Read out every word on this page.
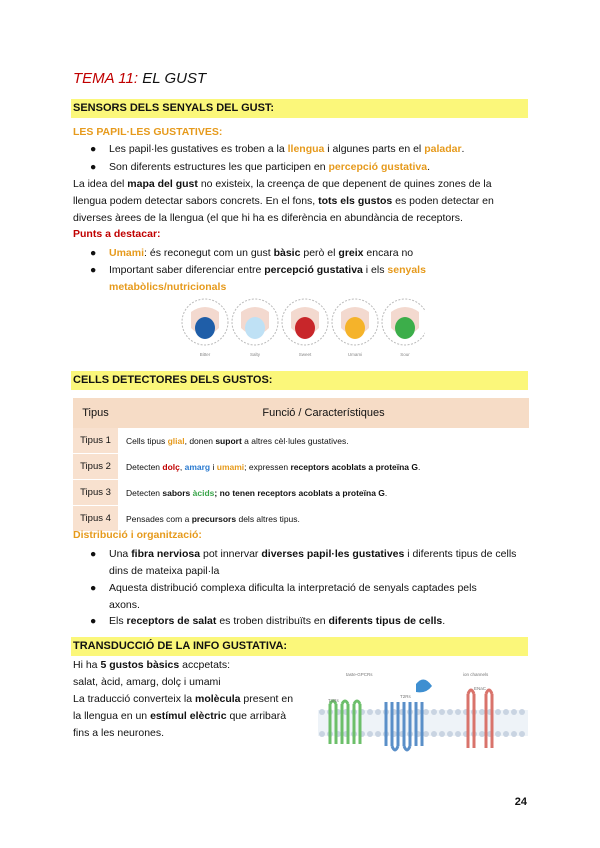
TEMA 11: EL GUST
SENSORS DELS SENYALS DEL GUST:
LES PAPIL·LES GUSTATIVES:
● Les papil·les gustatives es troben a la llengua i algunes parts en el paladar.
● Son diferents estructures les que participen en percepció gustativa.
La idea del mapa del gust no existeix, la creença de que depenent de quines zones de la
llengua podem detectar sabors concrets. En el fons, tots els gustos es poden detectar en
diverses àrees de la llengua (el que hi ha es diferència en abundància de receptors.
Punts a destacar:
● Umami: és reconegut com un gust bàsic però el greix encara no
● Important saber diferenciar entre percepció gustativa i els senyals
metabòlics/nutricionals
Bitter	Salty	Sweet	Umami	Sour
CELLS DETECTORES DELS GUSTOS:
Tipus	Funció / Característiques
Tipus 1	Cells tipus glial, donen suport a altres cèl·lules gustatives.
Tipus 2	Detecten dolç, amarg i umami; expressen receptors acoblats a proteïna G.
Tipus 3	Detecten sabors àcids; no tenen receptors acoblats a proteïna G.
Tipus 4	Pensades com a precursors dels altres tipus.
Distribució i organització:
● Una fibra nerviosa pot innervar diverses papil·les gustatives i diferents tipus de cells
dins de mateixa papil·la
● Aquesta distribució complexa dificulta la interpretació de senyals captades pels
axons.
● Els receptors de salat es troben distribuïts en diferents tipus de cells.
TRANSDUCCIÓ DE LA INFO GUSTATIVA:
Hi ha 5 gustos bàsics accpetats:
salat, àcid, amarg, dolç i umami
La traducció converteix la molècula present en
la llengua en un estímul elèctric que arribarà
fins a les neurones.
taste-GPCRs	ion channels
T1Rs
T2Rs
ENaC
24
